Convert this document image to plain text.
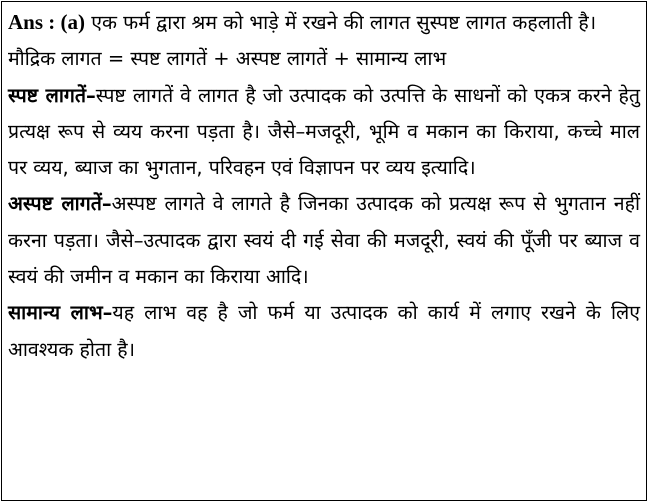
Ans : (a) एक फर्म द्वारा श्रम को भाड़े में रखने की लागत सुस्पष्ट लागत कहलाती है।

मौद्रिक लागत = स्पष्ट लागतें + अस्पष्ट लागतें + सामान्य लाभ

स्पष्ट लागतें–स्पष्ट लागतें वे लागत है जो उत्पादक को उत्पत्ति के साधनों को एकत्र करने हेतु प्रत्यक्ष रूप से व्यय करना पड़ता है। जैसे–मजदूरी, भूमि व मकान का किराया, कच्चे माल पर व्यय, ब्याज का भुगतान, परिवहन एवं विज्ञापन पर व्यय इत्यादि।

अस्पष्ट लागतें–अस्पष्ट लागते वे लागते है जिनका उत्पादक को प्रत्यक्ष रूप से भुगतान नहीं करना पड़ता। जैसे–उत्पादक द्वारा स्वयं दी गई सेवा की मजदूरी, स्वयं की पूँजी पर ब्याज व स्वयं की जमीन व मकान का किराया आदि।

सामान्य लाभ–यह लाभ वह है जो फर्म या उत्पादक को कार्य में लगाए रखने के लिए आवश्यक होता है।
